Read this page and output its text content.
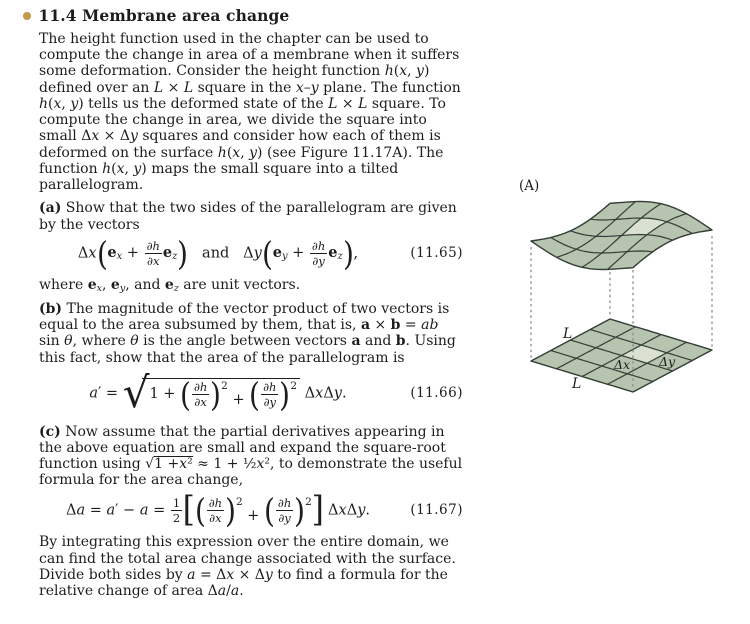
11.4 Membrane area change

The height function used in the chapter can be used to compute the change in area of a membrane when it suffers some deformation. Consider the height function h(x, y) defined over an L × L square in the x–y plane. The function h(x, y) tells us the deformed state of the L × L square. To compute the change in area, we divide the square into small Δx × Δy squares and consider how each of them is deformed on the surface h(x, y) (see Figure 11.17A). The function h(x, y) maps the small square into a tilted parallelogram.

(a) Show that the two sides of the parallelogram are given by the vectors

$\Delta x(ex + \frac{\partial h}{\partial x} ez)$   and   $\Delta y(ey + \frac{\partial h}{\partial y} ez)$,	(11.65)

where ex, ey, and ez are unit vectors.

(b) The magnitude of the vector product of two vectors is equal to the area subsumed by them, that is, a × b = ab sin θ, where θ is the angle between vectors a and b. Using this fact, show that the area of the parallelogram is

a′ = √ 1 + ( $\frac{\partial h}{\partial x} )^2$ + ( $\frac{\partial h}{\partial y} )^2$ ΔxΔy.	(11.66)

(c) Now assume that the partial derivatives appearing in the above equation are small and expand the square-root function using √1 +x² ≈ 1 + ½x², to demonstrate the useful formula for the area change,

$\Delta a = a' - a = \frac{1}{2}$ [( $\frac{\partial h}{\partial x} )^2$ + ( $\frac{\partial h}{\partial y} )^2$] ΔxΔy.	(11.67)

By integrating this expression over the entire domain, we can find the total area change associated with the surface. Divide both sides by a = Δx × Δy to find a formula for the relative change of area Δa/a.

(A)
L
L
Δx Δy
